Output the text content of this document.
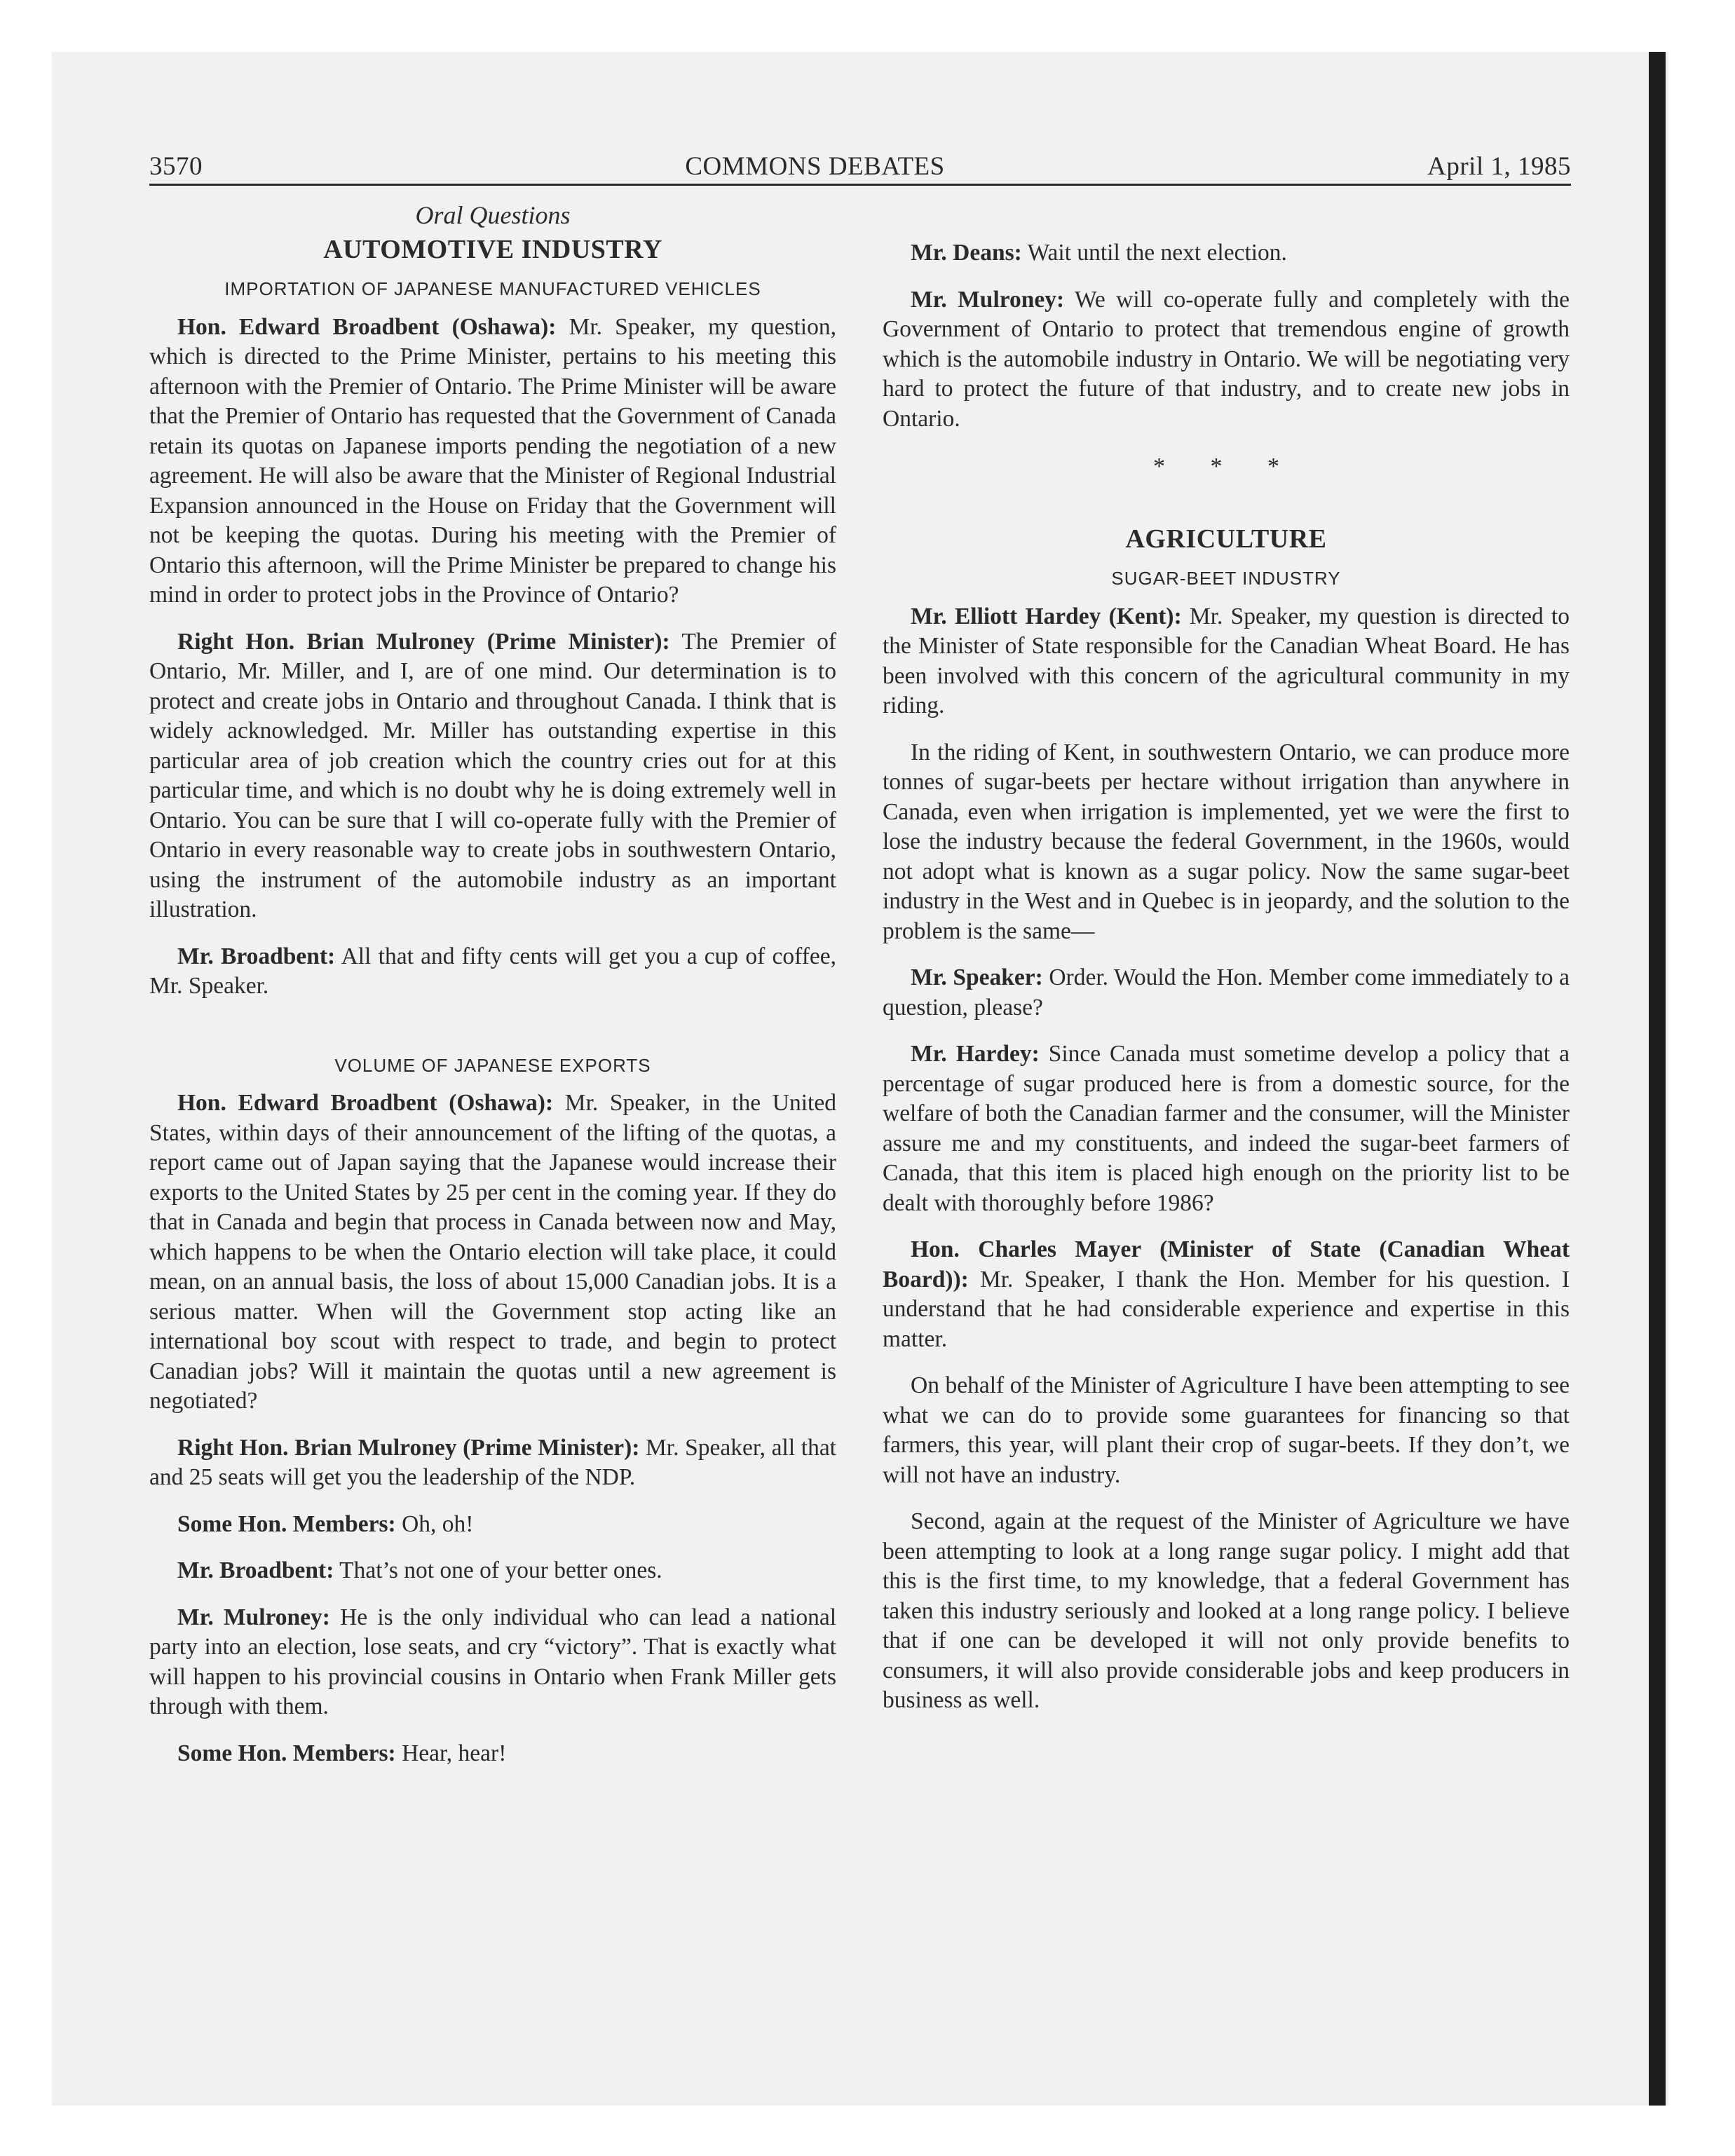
3570	COMMONS DEBATES	April 1, 1985
Oral Questions
AUTOMOTIVE INDUSTRY
IMPORTATION OF JAPANESE MANUFACTURED VEHICLES

Hon. Edward Broadbent (Oshawa): Mr. Speaker, my question, which is directed to the Prime Minister, pertains to his meeting this afternoon with the Premier of Ontario. The Prime Minister will be aware that the Premier of Ontario has requested that the Government of Canada retain its quotas on Japanese imports pending the negotiation of a new agreement. He will also be aware that the Minister of Regional Industrial Expansion announced in the House on Friday that the Government will not be keeping the quotas. During his meeting with the Premier of Ontario this afternoon, will the Prime Minister be prepared to change his mind in order to protect jobs in the Province of Ontario?

Right Hon. Brian Mulroney (Prime Minister): The Premier of Ontario, Mr. Miller, and I, are of one mind. Our determination is to protect and create jobs in Ontario and throughout Canada. I think that is widely acknowledged. Mr. Miller has outstanding expertise in this particular area of job creation which the country cries out for at this particular time, and which is no doubt why he is doing extremely well in Ontario. You can be sure that I will co-operate fully with the Premier of Ontario in every reasonable way to create jobs in southwestern Ontario, using the instrument of the automobile industry as an important illustration.

Mr. Broadbent: All that and fifty cents will get you a cup of coffee, Mr. Speaker.

VOLUME OF JAPANESE EXPORTS

Hon. Edward Broadbent (Oshawa): Mr. Speaker, in the United States, within days of their announcement of the lifting of the quotas, a report came out of Japan saying that the Japanese would increase their exports to the United States by 25 per cent in the coming year. If they do that in Canada and begin that process in Canada between now and May, which happens to be when the Ontario election will take place, it could mean, on an annual basis, the loss of about 15,000 Canadian jobs. It is a serious matter. When will the Government stop acting like an international boy scout with respect to trade, and begin to protect Canadian jobs? Will it maintain the quotas until a new agreement is negotiated?

Right Hon. Brian Mulroney (Prime Minister): Mr. Speaker, all that and 25 seats will get you the leadership of the NDP.

Some Hon. Members: Oh, oh!

Mr. Broadbent: That’s not one of your better ones.

Mr. Mulroney: He is the only individual who can lead a national party into an election, lose seats, and cry “victory”. That is exactly what will happen to his provincial cousins in Ontario when Frank Miller gets through with them.

Some Hon. Members: Hear, hear!

Mr. Deans: Wait until the next election.

Mr. Mulroney: We will co-operate fully and completely with the Government of Ontario to protect that tremendous engine of growth which is the automobile industry in Ontario. We will be negotiating very hard to protect the future of that industry, and to create new jobs in Ontario.

* * *
AGRICULTURE
SUGAR-BEET INDUSTRY

Mr. Elliott Hardey (Kent): Mr. Speaker, my question is directed to the Minister of State responsible for the Canadian Wheat Board. He has been involved with this concern of the agricultural community in my riding.

In the riding of Kent, in southwestern Ontario, we can produce more tonnes of sugar-beets per hectare without irrigation than anywhere in Canada, even when irrigation is implemented, yet we were the first to lose the industry because the federal Government, in the 1960s, would not adopt what is known as a sugar policy. Now the same sugar-beet industry in the West and in Quebec is in jeopardy, and the solution to the problem is the same—

Mr. Speaker: Order. Would the Hon. Member come immediately to a question, please?

Mr. Hardey: Since Canada must sometime develop a policy that a percentage of sugar produced here is from a domestic source, for the welfare of both the Canadian farmer and the consumer, will the Minister assure me and my constituents, and indeed the sugar-beet farmers of Canada, that this item is placed high enough on the priority list to be dealt with thoroughly before 1986?

Hon. Charles Mayer (Minister of State (Canadian Wheat Board)): Mr. Speaker, I thank the Hon. Member for his question. I understand that he had considerable experience and expertise in this matter.

On behalf of the Minister of Agriculture I have been attempting to see what we can do to provide some guarantees for financing so that farmers, this year, will plant their crop of sugar-beets. If they don’t, we will not have an industry.

Second, again at the request of the Minister of Agriculture we have been attempting to look at a long range sugar policy. I might add that this is the first time, to my knowledge, that a federal Government has taken this industry seriously and looked at a long range policy. I believe that if one can be developed it will not only provide benefits to consumers, it will also provide considerable jobs and keep producers in business as well.
